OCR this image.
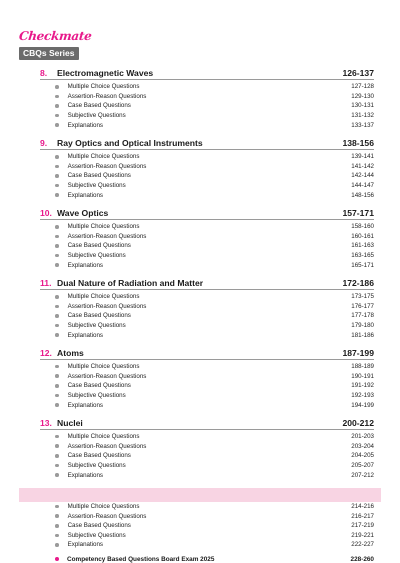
Checkmate
CBQs Series
8.	Electromagnetic Waves	126-137
Multiple Choice Questions	127-128
Assertion-Reason Questions	129-130
Case Based Questions	130-131
Subjective Questions	131-132
Explanations	133-137
9.	Ray Optics and Optical Instruments	138-156
Multiple Choice Questions	139-141
Assertion-Reason Questions	141-142
Case Based Questions	142-144
Subjective Questions	144-147
Explanations	148-156
10. Wave Optics	157-171
Multiple Choice Questions	158-160
Assertion-Reason Questions	160-161
Case Based Questions	161-163
Subjective Questions	163-165
Explanations	165-171
11. Dual Nature of Radiation and Matter	172-186
Multiple Choice Questions	173-175
Assertion-Reason Questions	176-177
Case Based Questions	177-178
Subjective Questions	179-180
Explanations	181-186
12. Atoms	187-199
Multiple Choice Questions	188-189
Assertion-Reason Questions	190-191
Case Based Questions	191-192
Subjective Questions	192-193
Explanations	194-199
13. Nuclei	200-212
Multiple Choice Questions	201-203
Assertion-Reason Questions	203-204
Case Based Questions	204-205
Subjective Questions	205-207
Explanations	207-212
Multiple Choice Questions	214-216
Assertion-Reason Questions	216-217
Case Based Questions	217-219
Subjective Questions	219-221
Explanations	222-227
Competency Based Questions Board Exam 2025	228-260
